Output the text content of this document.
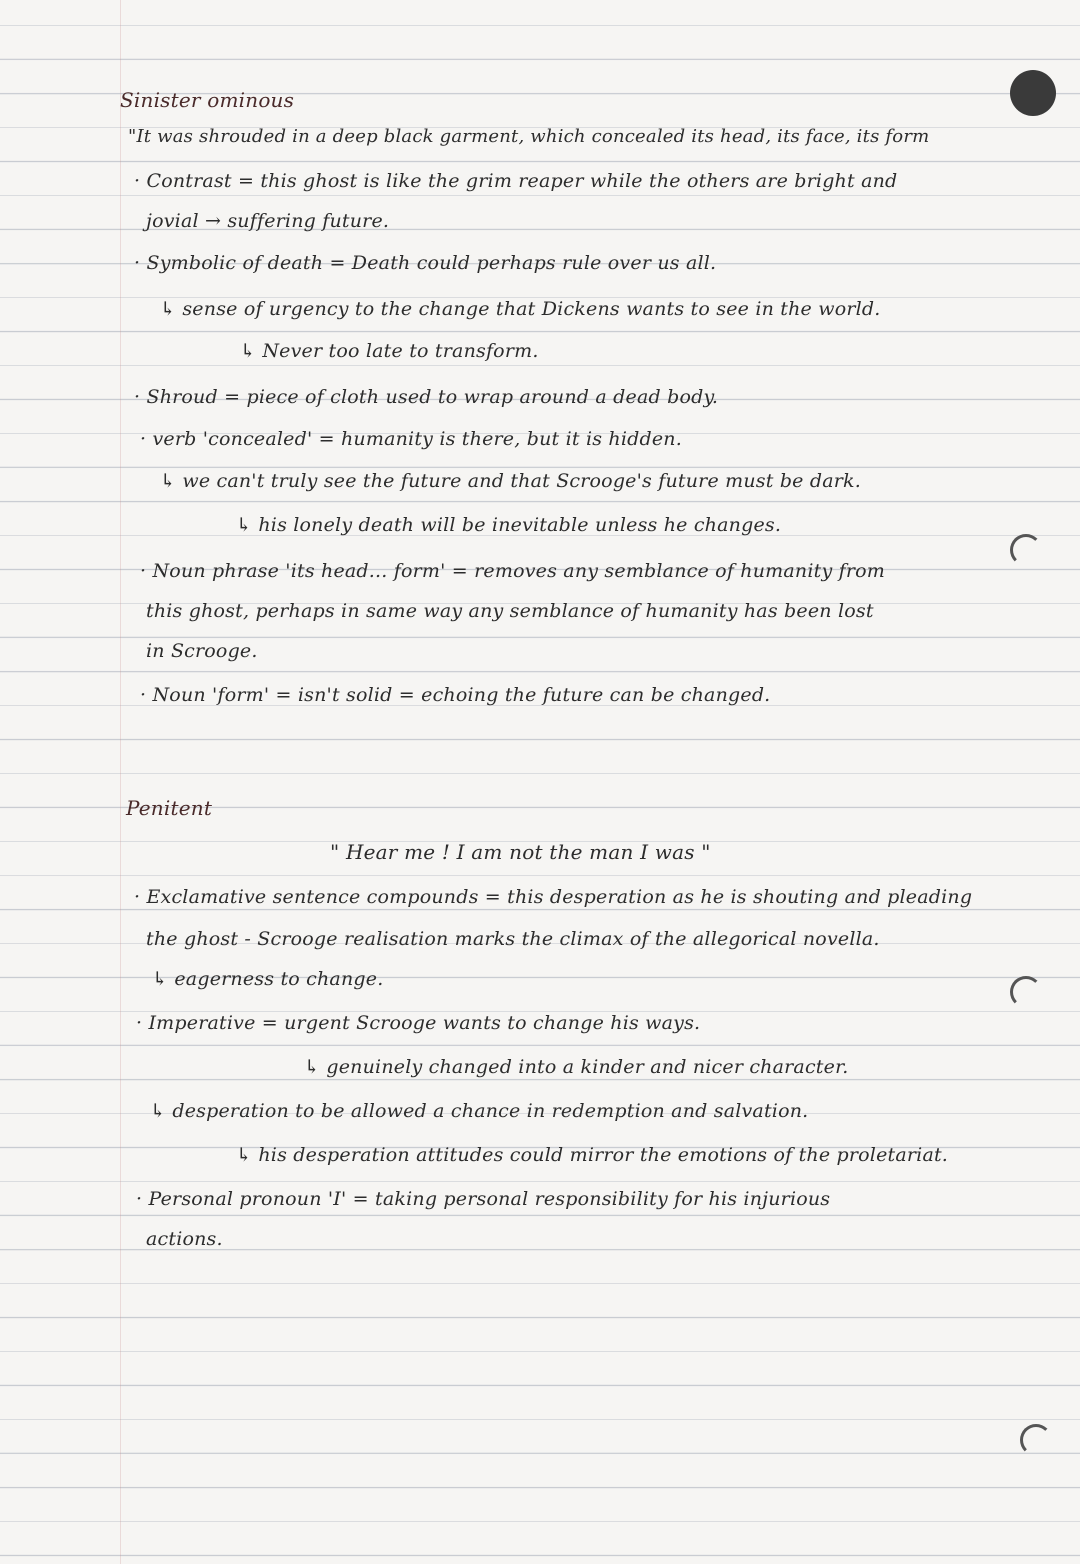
Sinister ominous
"It was shrouded in a deep black garment, which concealed its head, its face, its form
· Contrast = this ghost is like the grim reaper while the others are bright and
jovial → suffering future.
· Symbolic of death = Death could perhaps rule over us all.
↳ sense of urgency to the change that Dickens wants to see in the world.
↳ Never too late to transform.
· Shroud = piece of cloth used to wrap around a dead body.
· verb 'concealed' = humanity is there, but it is hidden.
↳ we can't truly see the future and that Scrooge's future must be dark.
↳ his lonely death will be inevitable unless he changes.
· Noun phrase 'its head... form' = removes any semblance of humanity from
this ghost, perhaps in same way any semblance of humanity has been lost
in Scrooge.
· Noun 'form' = isn't solid = echoing the future can be changed.
Penitent
" Hear me ! I am not the man I was "
· Exclamative sentence compounds = this desperation as he is shouting and pleading
the ghost - Scrooge realisation marks the climax of the allegorical novella.
↳ eagerness to change.
· Imperative = urgent Scrooge wants to change his ways.
↳ genuinely changed into a kinder and nicer character.
↳ desperation to be allowed a chance in redemption and salvation.
↳ his desperation attitudes could mirror the emotions of the proletariat.
· Personal pronoun 'I' = taking personal responsibility for his injurious
actions.
